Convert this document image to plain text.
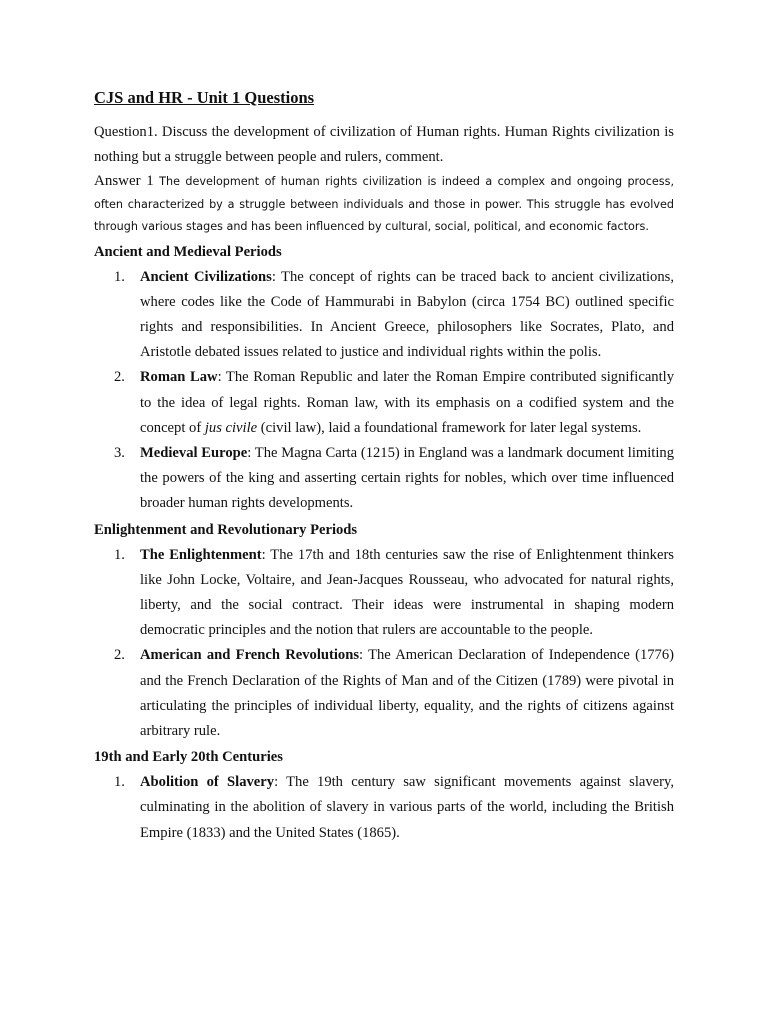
CJS and HR - Unit 1 Questions

Question1. Discuss the development of civilization of Human rights. Human Rights civilization is nothing but a struggle between people and rulers, comment.

Answer 1 The development of human rights civilization is indeed a complex and ongoing process, often characterized by a struggle between individuals and those in power. This struggle has evolved through various stages and has been influenced by cultural, social, political, and economic factors.

Ancient and Medieval Periods
1. Ancient Civilizations: The concept of rights can be traced back to ancient civilizations, where codes like the Code of Hammurabi in Babylon (circa 1754 BC) outlined specific rights and responsibilities. In Ancient Greece, philosophers like Socrates, Plato, and Aristotle debated issues related to justice and individual rights within the polis.
2. Roman Law: The Roman Republic and later the Roman Empire contributed significantly to the idea of legal rights. Roman law, with its emphasis on a codified system and the concept of jus civile (civil law), laid a foundational framework for later legal systems.
3. Medieval Europe: The Magna Carta (1215) in England was a landmark document limiting the powers of the king and asserting certain rights for nobles, which over time influenced broader human rights developments.
Enlightenment and Revolutionary Periods
1. The Enlightenment: The 17th and 18th centuries saw the rise of Enlightenment thinkers like John Locke, Voltaire, and Jean-Jacques Rousseau, who advocated for natural rights, liberty, and the social contract. Their ideas were instrumental in shaping modern democratic principles and the notion that rulers are accountable to the people.
2. American and French Revolutions: The American Declaration of Independence (1776) and the French Declaration of the Rights of Man and of the Citizen (1789) were pivotal in articulating the principles of individual liberty, equality, and the rights of citizens against arbitrary rule.
19th and Early 20th Centuries
1. Abolition of Slavery: The 19th century saw significant movements against slavery, culminating in the abolition of slavery in various parts of the world, including the British Empire (1833) and the United States (1865).
